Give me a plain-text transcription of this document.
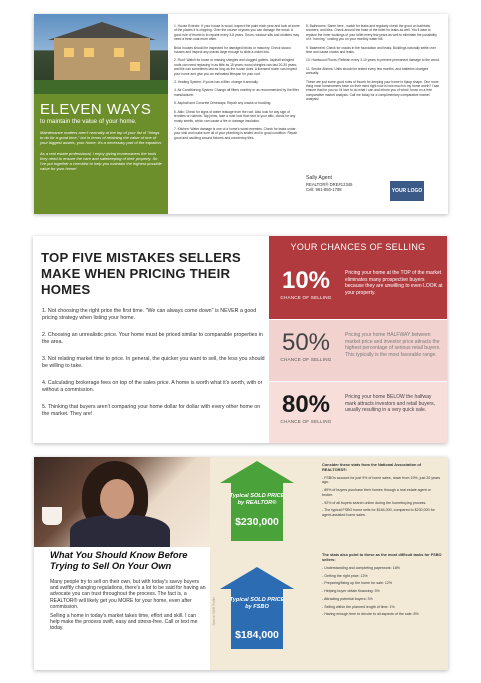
ELEVEN WAYS
to maintain the value of your home.

Maintenance matters aren't normally at the top of your list of "things to do for a good time," but in terms of retaining the value of one of your biggest assets, your home, it's a necessary part of the equation.

As a real estate professional, I enjoy giving homeowners the tools they need to ensure the care and safekeeping of their property. So I've put together a checklist to help you maintain the highest possible value for your home!

1. House Exterior: If your house is wood, inspect the paint each year and look at some of the places it is chipping. Over the course of years you can damage the wood. A good rule of thumb is to repaint every 3-8 years. Doors, window sills and shutters may need a fresh coat more often.

Brick houses should be inspected for damaged bricks or masonry. Check stucco houses and inspect any cracks large enough to slide a nickel into.

2. Roof: Watch for loose or missing shingles and clogged gutters. Asphalt shingled roofs can need replacing in as little as 15 years; wood shingles can last 20-30 years; and tile can sometimes last as long as the house does. A licensed roofer can inspect your home and give you an estimated lifespan for your roof.

3. Heating System: If yours has a filter, change it annually.

4. Air Conditioning System: Change all filters monthly or as recommended by the filter manufacturer.

5. Asphalt and Concrete Driveways: Repair any cracks or buckling.

6. Attic: Check for signs of water leakage from the roof. Also look for any sign of termites or rodents. Tap joints, take a note look that next to your attic, check for any musty smells, which can cause a fire or damage insulation.

7. Kitchen: Water damage is one of a home's worst enemies. Check for leaks under your sink and make sure all of your plumbing is sealed and in good condition. Repair grout and caulking around fixtures and countertop tiles.

8. Bathrooms: Same here - watch for leaks and regularly check the grout on bathtubs, showers, and tiles. Check around the base of the toilet for leaks as well. You'll want to replace the inner workings of your toilet every few years as well to eliminate the possibility of it "running," costing you on your monthly water bill.

9. Basement: Check for cracks in the foundation and leaks. Buildings naturally settle over time and cause cracks and leaks.

10. Hardwood Floors: Refinish every 3-10 years to prevent permanent damage to the wood.

11. Smoke Alarms: Units should be tested every few months, and batteries changed annually.

These are just some good rules of thumb for keeping your home in tiptop shape. One more thing most homeowners have on their mind right now is how much is my home worth? I can ensure that for you so I'd love to do what I can and inform you of what I know on a free comparative market analysis. Call me today for a complimentary comparative market analysis!

Sally Agent
REALTOR® DRE#12345
Cell: 961-650-1798	YOUR LOGO
TOP FIVE MISTAKES SELLERS MAKE WHEN PRICING THEIR HOMES
1. Not choosing the right price the first time. "We can always come down" is NEVER a good pricing strategy when listing your home.
2. Choosing an unrealistic price. Your home must be priced similar to comparable properties in the area.
3. Not relating market time to price. In general, the quicker you want to sell, the less you should be willing to take.
4. Calculating brokerage fees on top of the sales price. A home is worth what it's worth, with or without a commission.
5. Thinking that buyers aren't comparing your home dollar for dollar with every other home on the market. They are!
YOUR CHANCES OF SELLING
10%
CHANCE OF SELLING
Pricing your home at the TOP of the market eliminates many prospective buyers because they are unwilling to even LOOK at your property.
50%
CHANCE OF SELLING
Pricing your home HALFWAY between market price and investor price attracts the highest percentage of serious retail buyers. This typically is the most favorable range.
80%
CHANCE OF SELLING
Pricing your home BELOW the halfway mark attracts investors and retail buyers, usually resulting in a very quick sale.
What You Should Know Before Trying to Sell On Your Own
Many people try to sell on their own, but with today's savvy buyers and swiftly changing regulations, there's a lot to be said for having an advocate you can trust throughout the process. The fact is, a REALTOR® will likely get you MORE for your home, even after commission.
Selling a home in today's market takes time, effort and skill. I can help make the process swift, easy and stress-free. Call or text me today.
Source: NAR Profile
Typical SOLD PRICE by REALTOR®
$230,000
Typical SOLD PRICE by FSBO
$184,000

Consider these stats from the National Association of REALTORS®:

- FSBOs account for just 9% of home sales, down from 19%, just 20 years ago.

- 89% of buyers purchase their homes through a real estate agent or broker.

- 92% of all buyers search online during the homebuying process.

- The typical FSBO home sells for $184,000, compared to $230,000 for agent-assisted home sales.

The stats also point to these as the most difficult tasks for FSBO sellers:

- Understanding and completing paperwork: 18%

- Getting the right price: 13%

- Preparing/fixing up the home for sale: 12%

- Helping buyer obtain financing: 3%

- Attracting potential buyers: 3%

- Selling within the planned length of time: 1%

- Having enough time to devote to all aspects of the sale: 8%
